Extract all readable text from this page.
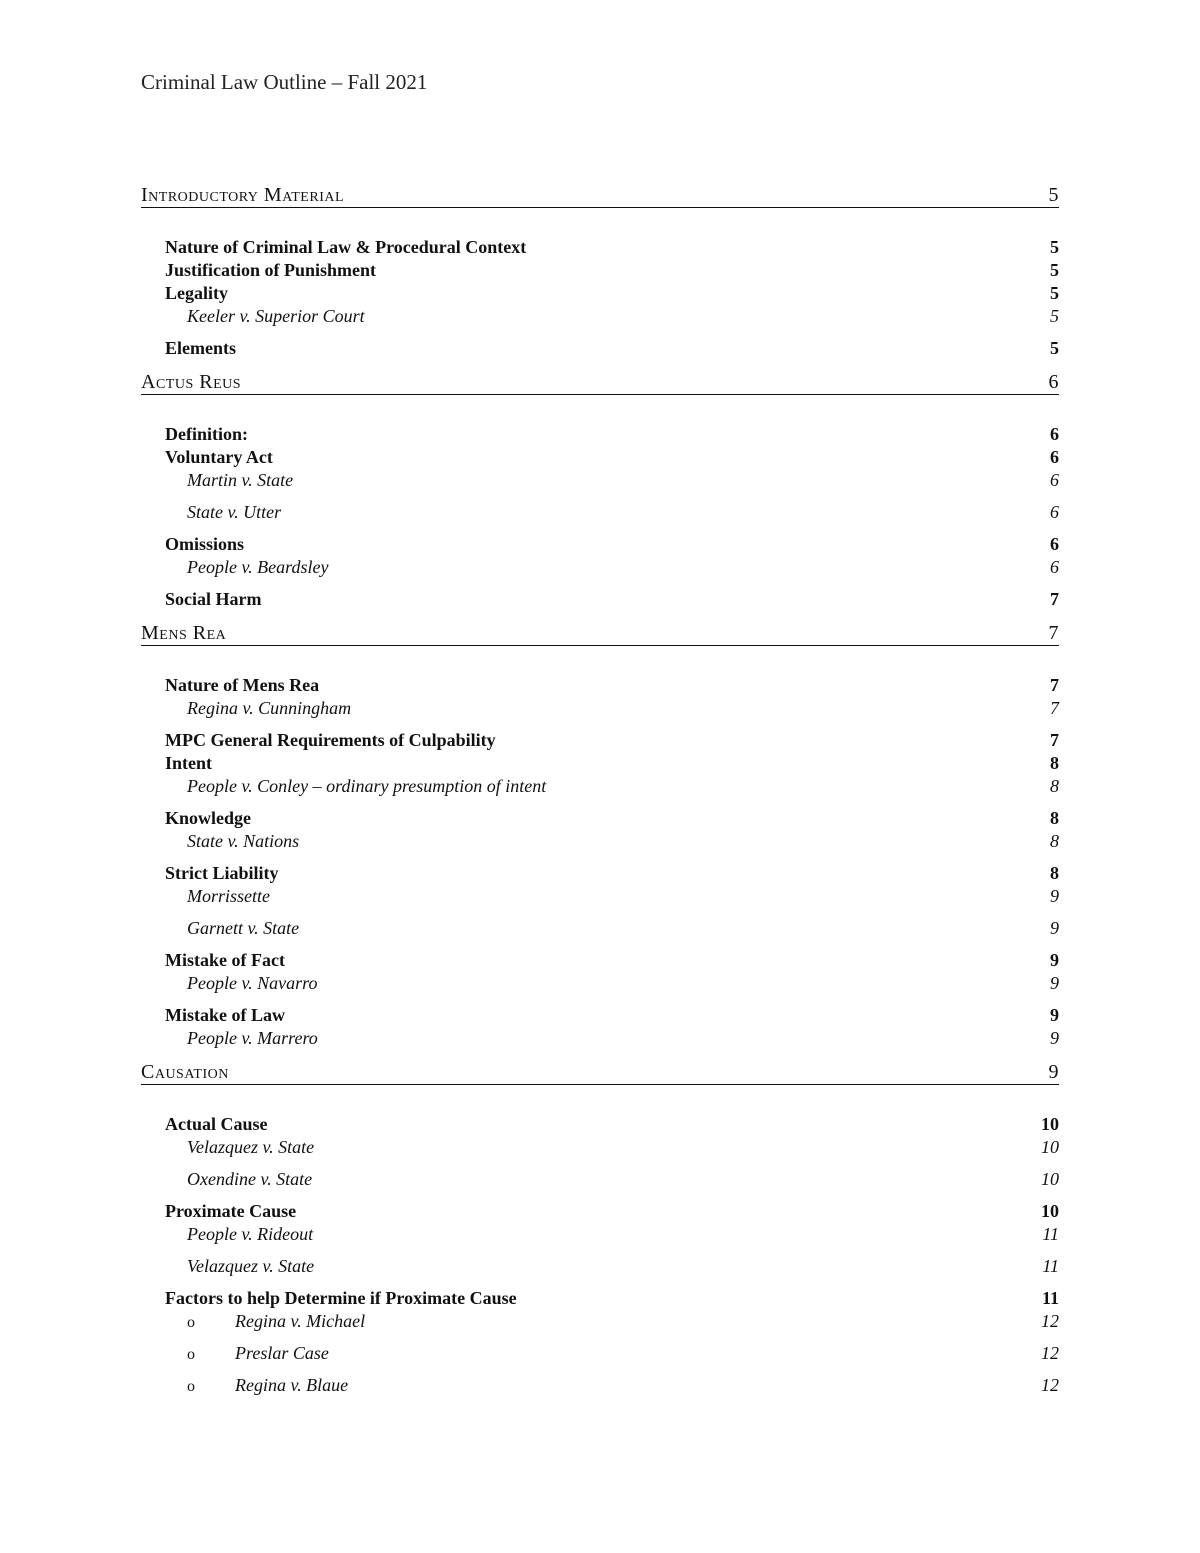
Criminal Law Outline – Fall 2021
Introductory Material	5
Nature of Criminal Law & Procedural Context	5
Justification of Punishment	5
Legality	5
Keeler v. Superior Court	5
Elements	5
Actus Reus	6
Definition:	6
Voluntary Act	6
Martin v. State	6
State v. Utter	6
Omissions	6
People v. Beardsley	6
Social Harm	7
Mens Rea	7
Nature of Mens Rea	7
Regina v. Cunningham	7
MPC General Requirements of Culpability	7
Intent	8
People v. Conley – ordinary presumption of intent	8
Knowledge	8
State v. Nations	8
Strict Liability	8
Morrissette	9
Garnett v. State	9
Mistake of Fact	9
People v. Navarro	9
Mistake of Law	9
People v. Marrero	9
Causation	9
Actual Cause	10
Velazquez v. State	10
Oxendine v. State	10
Proximate Cause	10
People v. Rideout	11
Velazquez v. State	11
Factors to help Determine if Proximate Cause	11
o Regina v. Michael	12
o Preslar Case	12
o Regina v. Blaue	12
